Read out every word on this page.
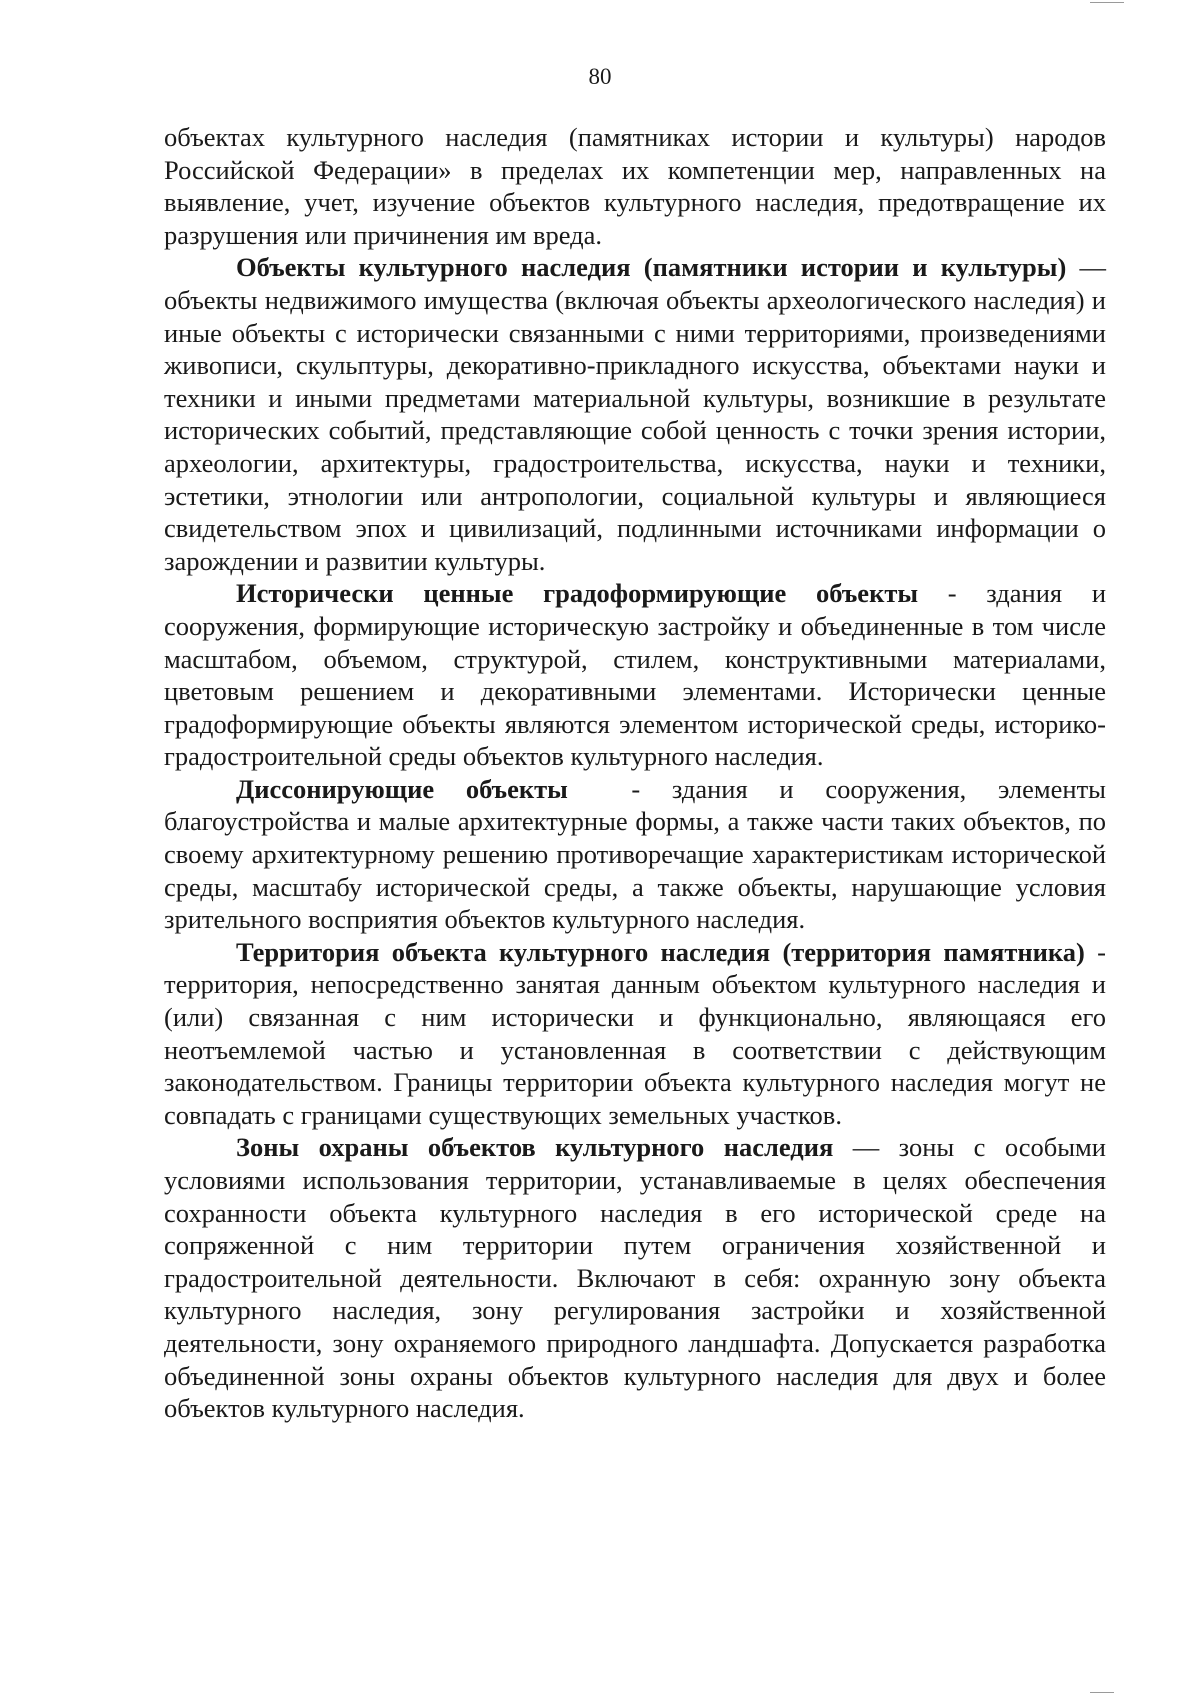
80

объектах культурного наследия (памятниках истории и культуры) народов Российской Федерации» в пределах их компетенции мер, направленных на выявление, учет, изучение объектов культурного наследия, предотвращение их разрушения или причинения им вреда.

Объекты культурного наследия (памятники истории и культуры) — объекты недвижимого имущества (включая объекты археологического наследия) и иные объекты с исторически связанными с ними территориями, произведениями живописи, скульптуры, декоративно-прикладного искусства, объектами науки и техники и иными предметами материальной культуры, возникшие в результате исторических событий, представляющие собой ценность с точки зрения истории, археологии, архитектуры, градостроительства, искусства, науки и техники, эстетики, этнологии или антропологии, социальной культуры и являющиеся свидетельством эпох и цивилизаций, подлинными источниками информации о зарождении и развитии культуры.

Исторически ценные градоформирующие объекты - здания и сооружения, формирующие историческую застройку и объединенные в том числе масштабом, объемом, структурой, стилем, конструктивными материалами, цветовым решением и декоративными элементами. Исторически ценные градоформирующие объекты являются элементом исторической среды, историко-градостроительной среды объектов культурного наследия.

Диссонирующие объекты  - здания и сооружения, элементы благоустройства и малые архитектурные формы, а также части таких объектов, по своему архитектурному решению противоречащие характеристикам исторической среды, масштабу исторической среды, а также объекты, нарушающие условия зрительного восприятия объектов культурного наследия.

Территория объекта культурного наследия (территория памятника) - территория, непосредственно занятая данным объектом культурного наследия и (или) связанная с ним исторически и функционально, являющаяся его неотъемлемой частью и установленная в соответствии с действующим законодательством. Границы территории объекта культурного наследия могут не совпадать с границами существующих земельных участков.

Зоны охраны объектов культурного наследия — зоны с особыми условиями использования территории, устанавливаемые в целях обеспечения сохранности объекта культурного наследия в его исторической среде на сопряженной с ним территории путем ограничения хозяйственной и градостроительной деятельности. Включают в себя: охранную зону объекта культурного наследия, зону регулирования застройки и хозяйственной деятельности, зону охраняемого природного ландшафта. Допускается разработка объединенной зоны охраны объектов культурного наследия для двух и более объектов культурного наследия.
